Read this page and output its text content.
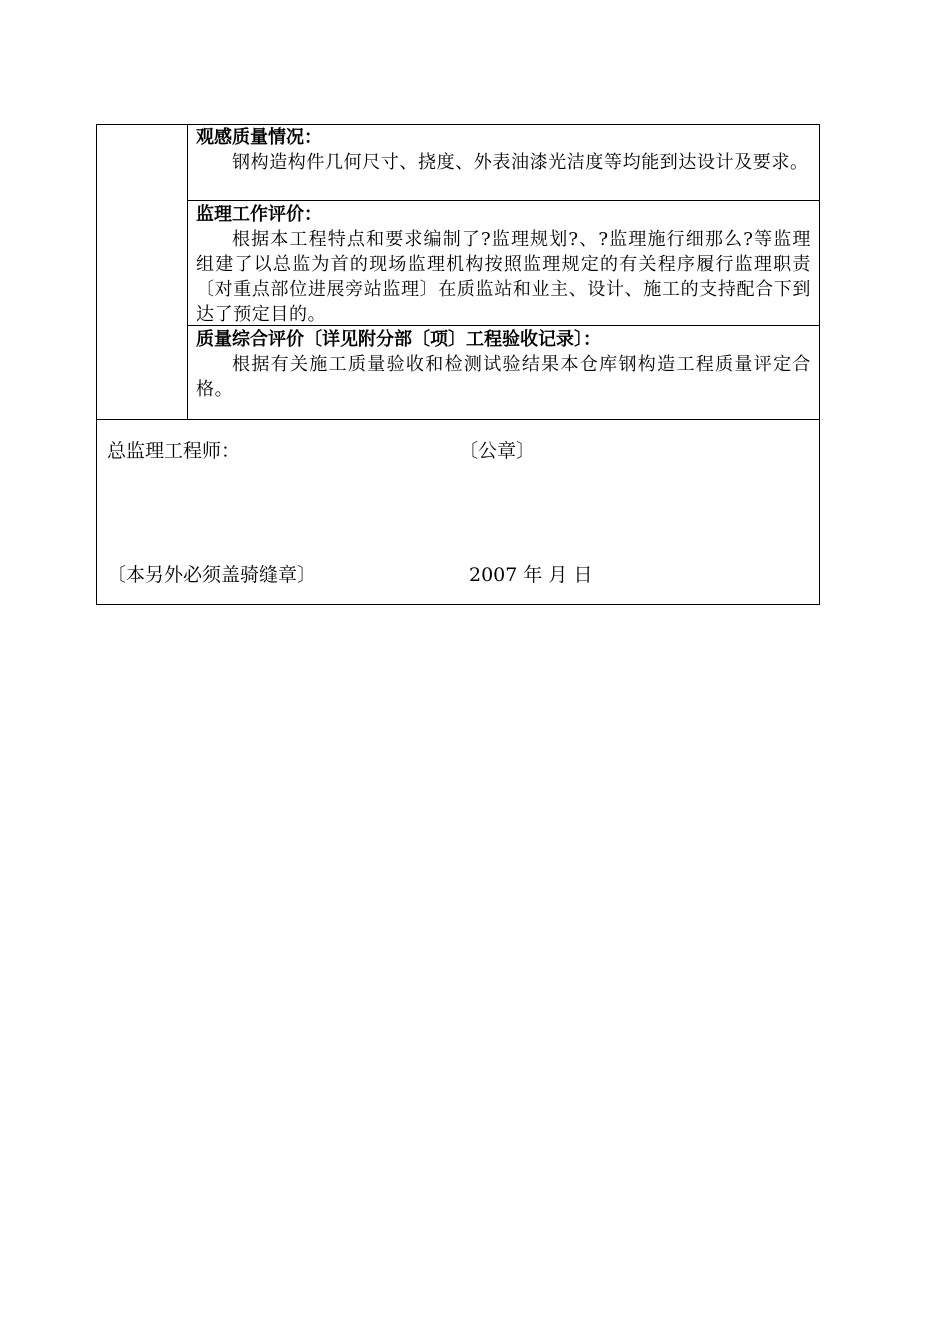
观感质量情况：
钢构造构件几何尺寸、挠度、外表油漆光洁度等均能到达设计及要求。
监理工作评价：
根据本工程特点和要求编制了?监理规划?、?监理施行细那么?等监理组建了以总监为首的现场监理机构按照监理规定的有关程序履行监理职责〔对重点部位进展旁站监理〕在质监站和业主、设计、施工的支持配合下到达了预定目的。
质量综合评价〔详见附分部〔项〕工程验收记录〕：
根据有关施工质量验收和检测试验结果本仓库钢构造工程质量评定合格。
总监理工程师：	〔公章〕
〔本另外必须盖骑缝章〕	2007 年 月 日
